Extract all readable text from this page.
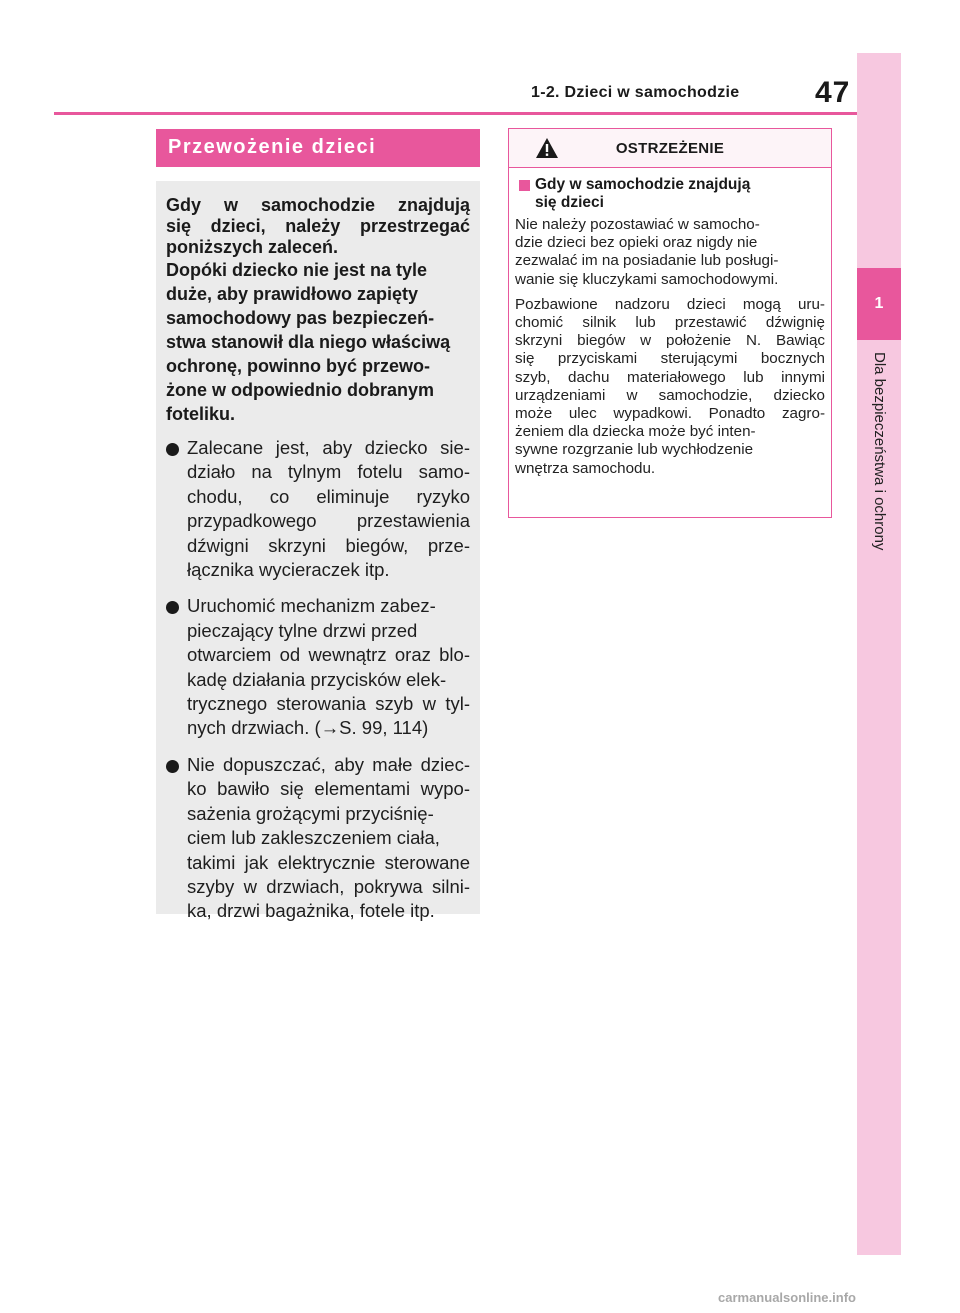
1
Dla bezpieczeństwa i ochrony
1-2. Dzieci w samochodzie	47
Przewożenie dzieci

Gdy w samochodzie znajdują
się dzieci, należy przestrzegać
poniższych zaleceń.

Dopóki dziecko nie jest na tyle
duże, aby prawidłowo zapięty
samochodowy pas bezpieczeń-
stwa stanowił dla niego właściwą
ochronę, powinno być przewo-
żone w odpowiednio dobranym
foteliku.

Zalecane jest, aby dziecko sie-
działo na tylnym fotelu samo-
chodu, co eliminuje ryzyko
przypadkowego przestawienia
dźwigni skrzyni biegów, prze-
łącznika wycieraczek itp.
Uruchomić mechanizm zabez-
pieczający tylne drzwi przed
otwarciem od wewnątrz oraz blo-
kadę działania przycisków elek-
trycznego sterowania szyb w tyl-
nych drzwiach. (→S. 99, 114)
Nie dopuszczać, aby małe dziec-
ko bawiło się elementami wypo-
sażenia grożącymi przyciśnię-
ciem lub zakleszczeniem ciała,
takimi jak elektrycznie sterowane
szyby w drzwiach, pokrywa silni-
ka, drzwi bagażnika, fotele itp.
OSTRZEŻENIE

Gdy w samochodzie znajdują
się dzieci

Nie należy pozostawiać w samocho-
dzie dzieci bez opieki oraz nigdy nie
zezwalać im na posiadanie lub posługi-
wanie się kluczykami samochodowymi.

Pozbawione nadzoru dzieci mogą uru-
chomić silnik lub przestawić dźwignię
skrzyni biegów w położenie N. Bawiąc
się przyciskami sterującymi bocznych
szyb, dachu materiałowego lub innymi
urządzeniami w samochodzie, dziecko
może ulec wypadkowi. Ponadto zagro-
żeniem dla dziecka może być inten-
sywne rozgrzanie lub wychłodzenie
wnętrza samochodu.

carmanualsonline.info
